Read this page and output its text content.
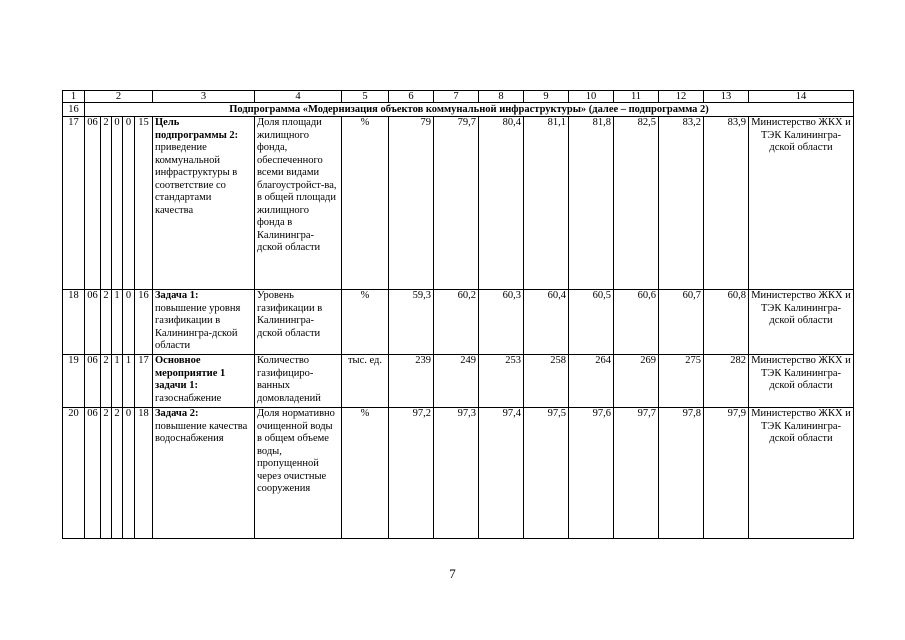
1	2					3	4	5	6	7	8	9	10	11	12	13	14
16	Подпрограмма «Модернизация объектов коммунальной инфраструктуры» (далее – подпрограмма 2)																
17	06	2	0	0	15	Цель подпрограммы 2: приведение коммунальной инфраструктуры в соответствие со стандартами качества	Доля площади жилищного фонда, обеспеченного всеми видами благоустройст-ва, в общей площади жилищного фонда в Калинингра-дской области	%	79	79,7	80,4	81,1	81,8	82,5	83,2	83,9	Министерство ЖКХ и ТЭК Калинингра-дской области
18	06	2	1	0	16	Задача 1: повышение уровня газификации в Калинингра-дской области	Уровень газификации в Калинингра-дской области	%	59,3	60,2	60,3	60,4	60,5	60,6	60,7	60,8	Министерство ЖКХ и ТЭК Калинингра-дской области
19	06	2	1	1	17	Основное мероприятие 1 задачи 1: газоснабжение	Количество газифициро-ванных домовладений	тыс. ед.	239	249	253	258	264	269	275	282	Министерство ЖКХ и ТЭК Калинингра-дской области
20	06	2	2	0	18	Задача 2: повышение качества водоснабжения	Доля нормативно очищенной воды в общем объеме воды, пропущенной через очистные сооружения	%	97,2	97,3	97,4	97,5	97,6	97,7	97,8	97,9	Министерство ЖКХ и ТЭК Калинингра-дской области
7
